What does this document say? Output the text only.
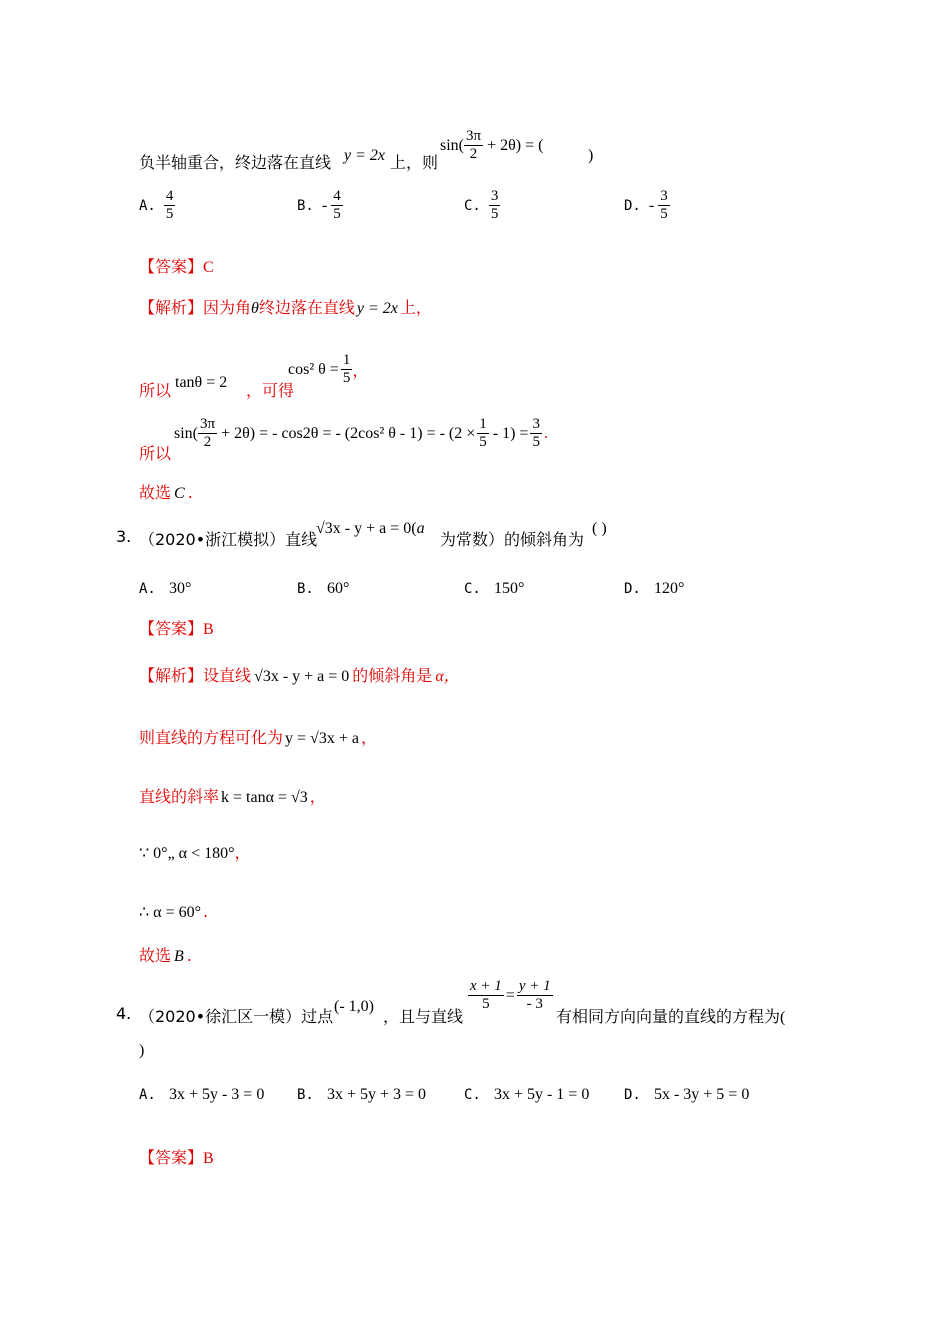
负半轴重合，终边落在直线 y = 2x 上，则
$\sin( \frac{3\pi}{2} + 2\theta)$ = (
)
A. $\frac{4}{5}$	B. - $\frac{4}{5}$	C. $\frac{3}{5}$	D. - $\frac{3}{5}$
【答案】C
【解析】因为角θ终边落在直线 y = 2x 上，
所以 tanθ = 2 ，可得
cos² $\theta = \frac{1}{5}$ ，
所以
$\sin( \frac{3\pi}{2} + 2\theta)$ = - cos2θ = - (2cos² θ - 1) = - $(2 \times \frac{1}{5} - 1) = \frac{3}{5}$ .
故选 C .
3. （2020•浙江模拟）直线
√3x - y + a = 0(a
为常数）的倾斜角为
( )
A. 30°	B. 60°	C. 150°	D. 120°
【答案】B
【解析】设直线 √3x - y + a = 0 的倾斜角是 α，
则直线的方程可化为 y = √3x + a ，
直线的斜率 k = tanα = √3 ，
∵ 0°„ α < 180°，
∴ α = 60° .
故选 B .
4. （2020•徐汇区一模）过点
(- 1,0)
，且与直线
$\frac{x + 1}{5} = \frac{y + 1}{- 3}$
有相同方向向量的直线的方程为(
)
A. 3x + 5y - 3 = 0 B. 3x + 5y + 3 = 0	C. 3x + 5y - 1 = 0 D. 5x - 3y + 5 = 0
【答案】B
